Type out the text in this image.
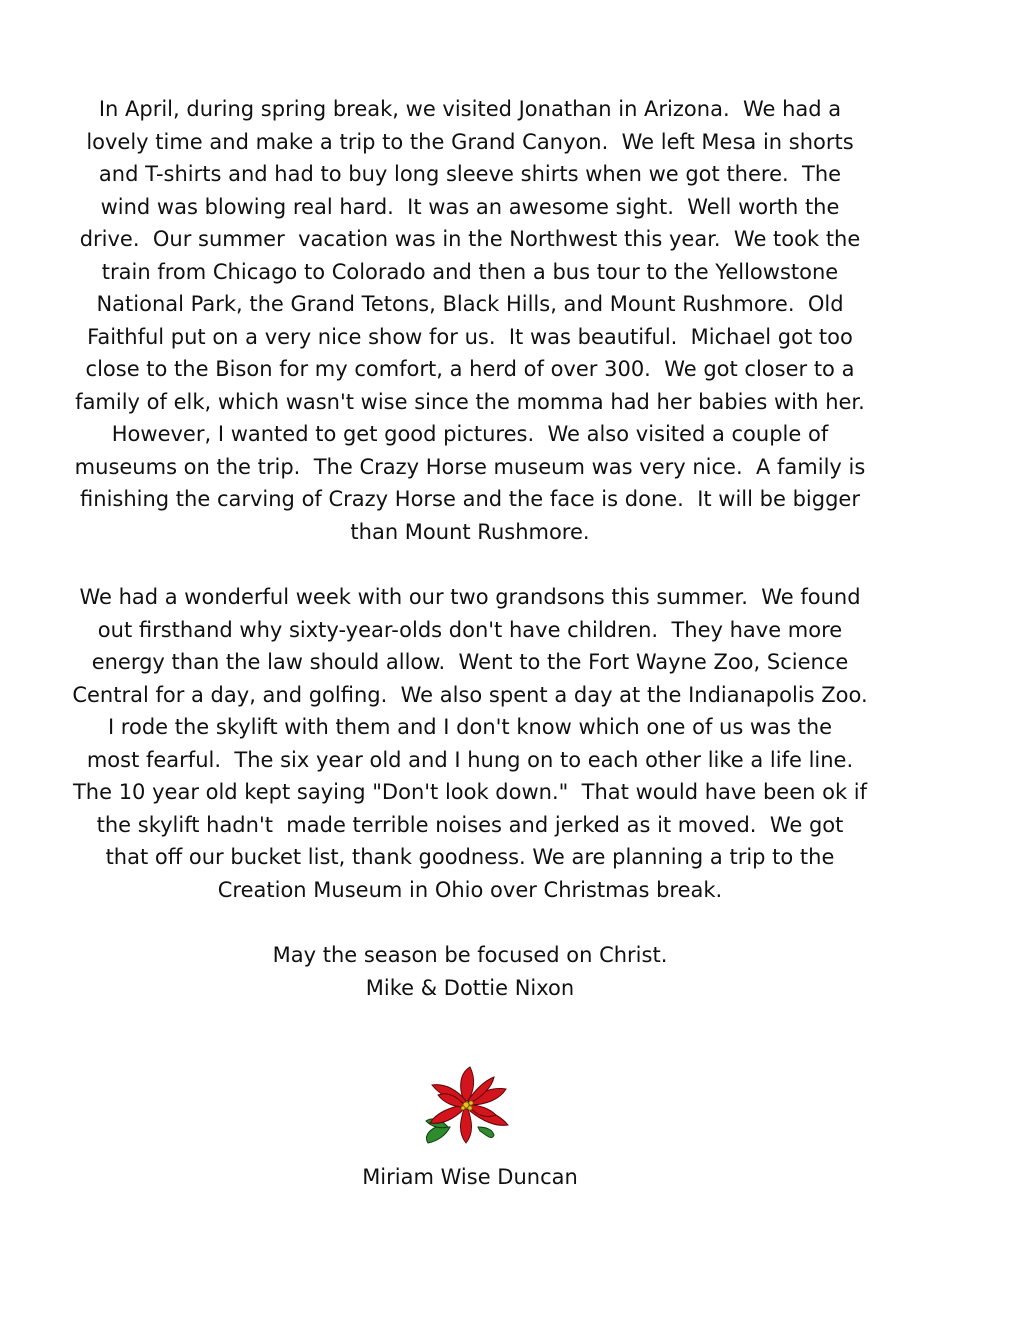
In April, during spring break, we visited Jonathan in Arizona.  We had a
lovely time and make a trip to the Grand Canyon.  We left Mesa in shorts
and T-shirts and had to buy long sleeve shirts when we got there.  The
wind was blowing real hard.  It was an awesome sight.  Well worth the
drive.  Our summer  vacation was in the Northwest this year.  We took the
train from Chicago to Colorado and then a bus tour to the Yellowstone
National Park, the Grand Tetons, Black Hills, and Mount Rushmore.  Old
Faithful put on a very nice show for us.  It was beautiful.  Michael got too
close to the Bison for my comfort, a herd of over 300.  We got closer to a
family of elk, which wasn't wise since the momma had her babies with her.
However, I wanted to get good pictures.  We also visited a couple of
museums on the trip.  The Crazy Horse museum was very nice.  A family is
finishing the carving of Crazy Horse and the face is done.  It will be bigger
than Mount Rushmore.
We had a wonderful week with our two grandsons this summer.  We found
out firsthand why sixty-year-olds don't have children.  They have more
energy than the law should allow.  Went to the Fort Wayne Zoo, Science
Central for a day, and golfing.  We also spent a day at the Indianapolis Zoo.
I rode the skylift with them and I don't know which one of us was the
most fearful.  The six year old and I hung on to each other like a life line.
The 10 year old kept saying "Don't look down."  That would have been ok if
the skylift hadn't  made terrible noises and jerked as it moved.  We got
that off our bucket list, thank goodness. We are planning a trip to the
Creation Museum in Ohio over Christmas break.
May the season be focused on Christ.
Mike & Dottie Nixon
Miriam Wise Duncan
